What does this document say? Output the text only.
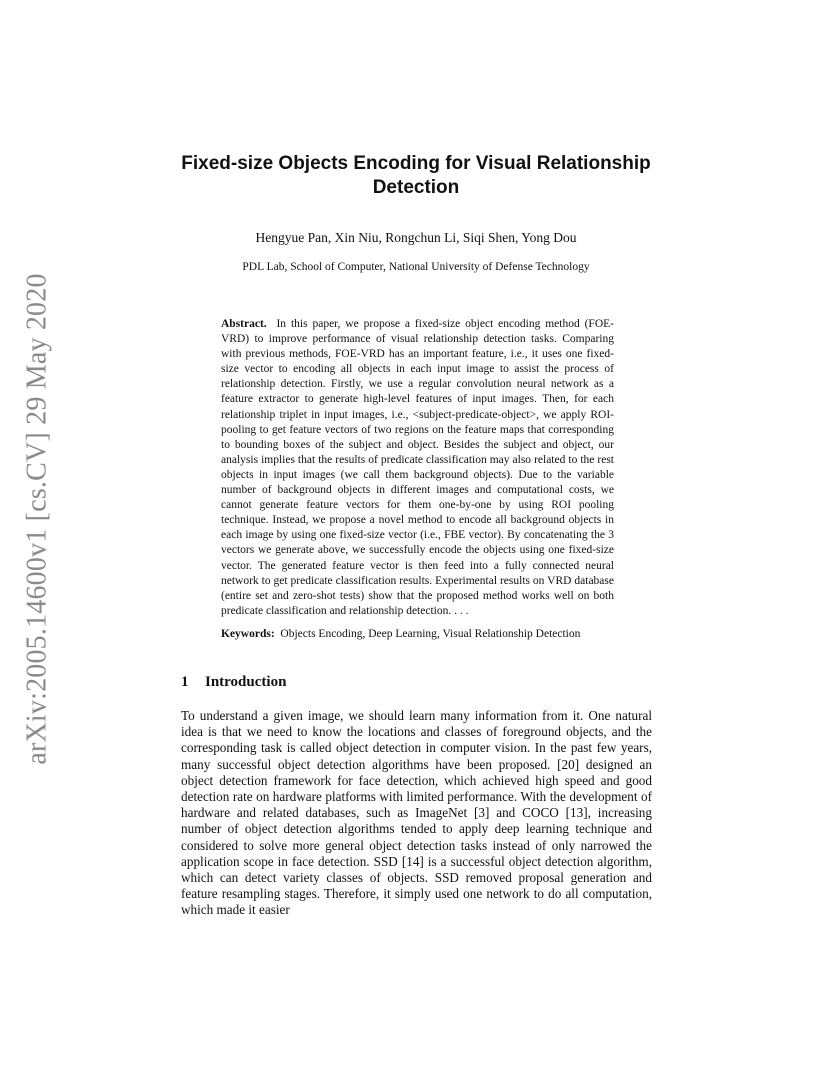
arXiv:2005.14600v1 [cs.CV] 29 May 2020
Fixed-size Objects Encoding for Visual Relationship Detection

Hengyue Pan, Xin Niu, Rongchun Li, Siqi Shen, Yong Dou

PDL Lab, School of Computer, National University of Defense Technology

Abstract. In this paper, we propose a fixed-size object encoding method (FOE-VRD) to improve performance of visual relationship detection tasks. Comparing with previous methods, FOE-VRD has an important feature, i.e., it uses one fixed-size vector to encoding all objects in each input image to assist the process of relationship detection. Firstly, we use a regular convolution neural network as a feature extractor to generate high-level features of input images. Then, for each relationship triplet in input images, i.e., <subject-predicate-object>, we apply ROI-pooling to get feature vectors of two regions on the feature maps that corresponding to bounding boxes of the subject and object. Besides the subject and object, our analysis implies that the results of predicate classification may also related to the rest objects in input images (we call them background objects). Due to the variable number of background objects in different images and computational costs, we cannot generate feature vectors for them one-by-one by using ROI pooling technique. Instead, we propose a novel method to encode all background objects in each image by using one fixed-size vector (i.e., FBE vector). By concatenating the 3 vectors we generate above, we successfully encode the objects using one fixed-size vector. The generated feature vector is then feed into a fully connected neural network to get predicate classification results. Experimental results on VRD database (entire set and zero-shot tests) show that the proposed method works well on both predicate classification and relationship detection. . . .

Keywords: Objects Encoding, Deep Learning, Visual Relationship Detection

1 Introduction

To understand a given image, we should learn many information from it. One natural idea is that we need to know the locations and classes of foreground objects, and the corresponding task is called object detection in computer vision. In the past few years, many successful object detection algorithms have been proposed. [20] designed an object detection framework for face detection, which achieved high speed and good detection rate on hardware platforms with limited performance. With the development of hardware and related databases, such as ImageNet [3] and COCO [13], increasing number of object detection algorithms tended to apply deep learning technique and considered to solve more general object detection tasks instead of only narrowed the application scope in face detection. SSD [14] is a successful object detection algorithm, which can detect variety classes of objects. SSD removed proposal generation and feature resampling stages. Therefore, it simply used one network to do all computation, which made it easier
